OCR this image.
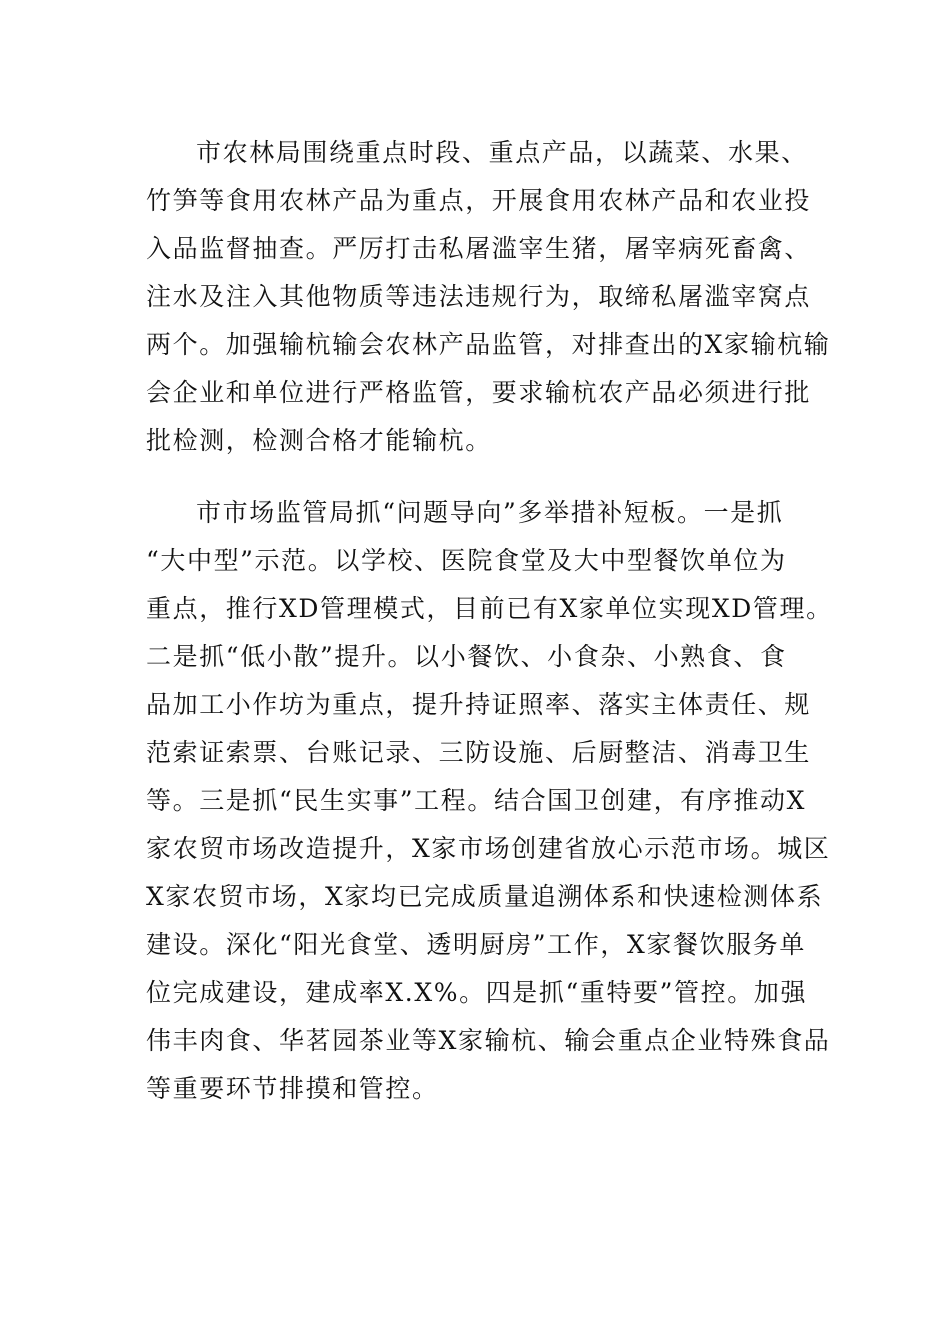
市农林局围绕重点时段、重点产品，以蔬菜、水果、

竹笋等食用农林产品为重点，开展食用农林产品和农业投

入品监督抽查。严厉打击私屠滥宰生猪，屠宰病死畜禽、

注水及注入其他物质等违法违规行为，取缔私屠滥宰窝点

两个。加强输杭输会农林产品监管，对排查出的X家输杭输

会企业和单位进行严格监管，要求输杭农产品必须进行批

批检测，检测合格才能输杭。

市市场监管局抓“问题导向”多举措补短板。一是抓

“大中型”示范。以学校、医院食堂及大中型餐饮单位为

重点，推行XD管理模式，目前已有X家单位实现XD管理。

二是抓“低小散”提升。以小餐饮、小食杂、小熟食、食

品加工小作坊为重点，提升持证照率、落实主体责任、规

范索证索票、台账记录、三防设施、后厨整洁、消毒卫生

等。三是抓“民生实事”工程。结合国卫创建，有序推动X

家农贸市场改造提升，X家市场创建省放心示范市场。城区

X家农贸市场，X家均已完成质量追溯体系和快速检测体系

建设。深化“阳光食堂、透明厨房”工作，X家餐饮服务单

位完成建设，建成率X.X%。四是抓“重特要”管控。加强

伟丰肉食、华茗园茶业等X家输杭、输会重点企业特殊食品

等重要环节排摸和管控。
